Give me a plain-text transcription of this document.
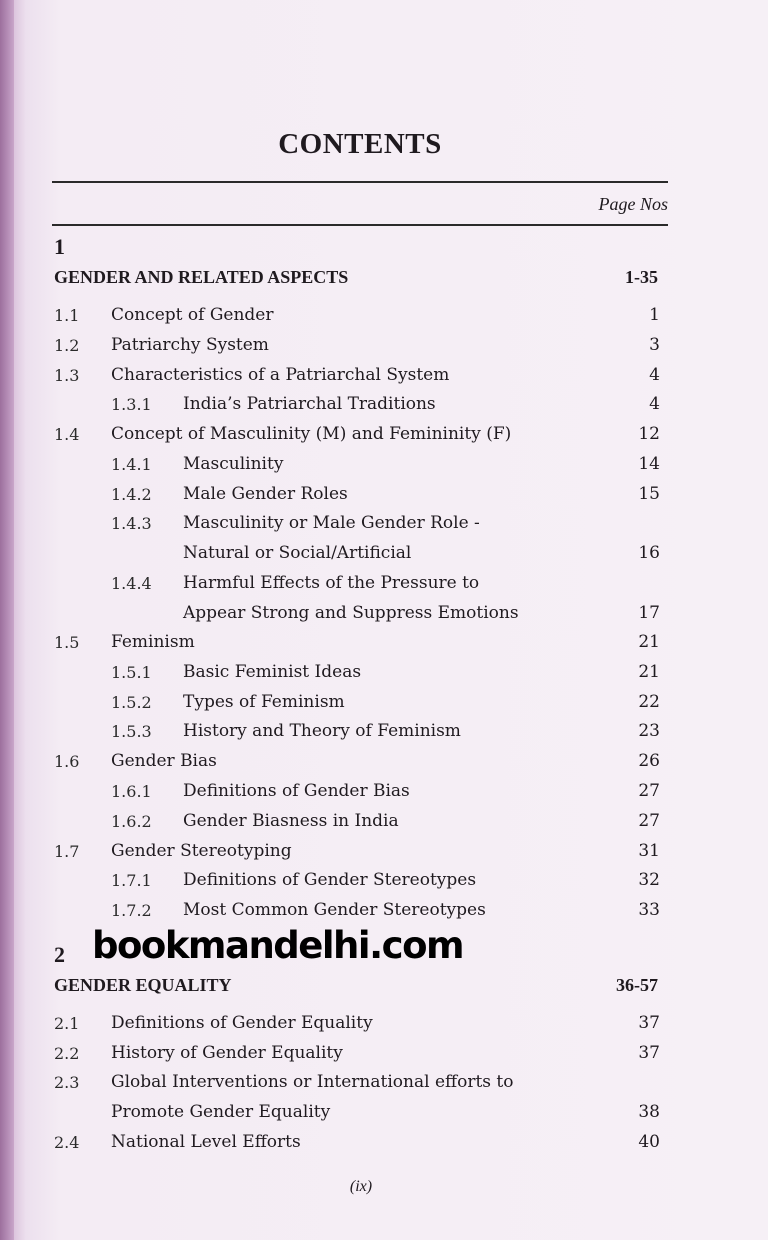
CONTENTS
Page Nos
1
GENDER AND RELATED ASPECTS	1-35
1.1 Concept of Gender	1
1.2 Patriarchy System	3
1.3 Characteristics of a Patriarchal System	4
1.3.1 India’s Patriarchal Traditions	4
1.4 Concept of Masculinity (M) and Femininity (F)	12
1.4.1 Masculinity	14
1.4.2 Male Gender Roles	15
1.4.3 Masculinity or Male Gender Role -
Natural or Social/Artificial	16
1.4.4 Harmful Effects of the Pressure to
Appear Strong and Suppress Emotions	17
1.5 Feminism	21
1.5.1 Basic Feminist Ideas	21
1.5.2 Types of Feminism	22
1.5.3 History and Theory of Feminism	23
1.6 Gender Bias	26
1.6.1 Definitions of Gender Bias	27
1.6.2 Gender Biasness in India	27
1.7 Gender Stereotyping	31
1.7.1 Definitions of Gender Stereotypes	32
1.7.2 Most Common Gender Stereotypes	33
2 bookmandelhi.com
GENDER EQUALITY	36-57
2.1 Definitions of Gender Equality	37
2.2 History of Gender Equality	37
2.3 Global Interventions or International efforts to
Promote Gender Equality	38
2.4 National Level Efforts	40
(ix)
